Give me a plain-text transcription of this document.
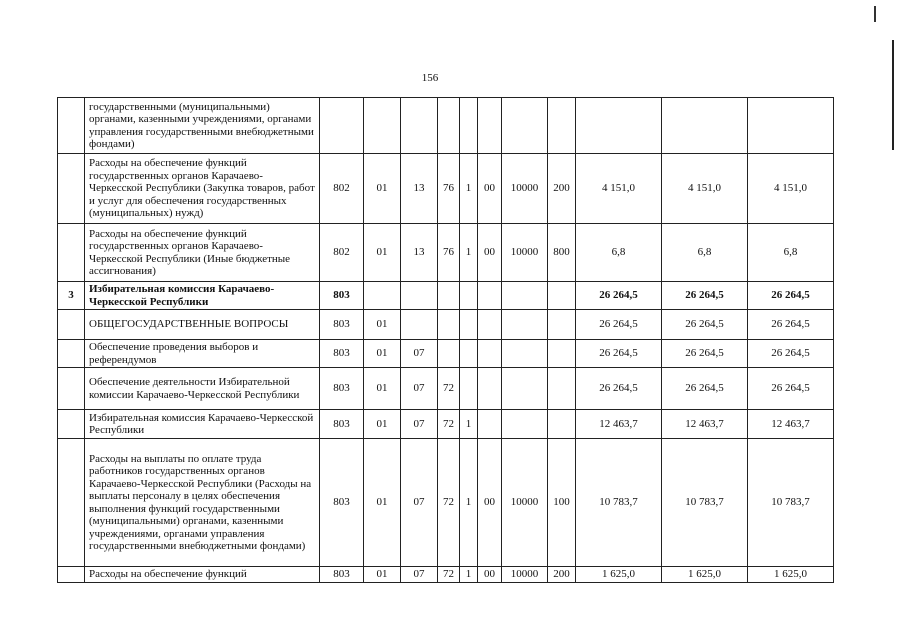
156
	государственными (муниципальными) органами, казенными учреждениями, органами управления государственными внебюджетными фондами)											
	Расходы на обеспечение функций государственных органов Карачаево-Черкесской Республики (Закупка товаров, работ и услуг для обеспечения государственных (муниципальных) нужд)	802	01	13	76	1	00	10000	200	4 151,0	4 151,0	4 151,0
	Расходы на обеспечение функций государственных органов Карачаево-Черкесской Республики (Иные бюджетные ассигнования)	802	01	13	76	1	00	10000	800	6,8	6,8	6,8
3	Избирательная комиссия Карачаево-Черкесской Республики	803								26 264,5	26 264,5	26 264,5
	ОБЩЕГОСУДАРСТВЕННЫЕ ВОПРОСЫ	803	01							26 264,5	26 264,5	26 264,5
	Обеспечение проведения выборов и референдумов	803	01	07						26 264,5	26 264,5	26 264,5
	Обеспечение деятельности Избирательной комиссии Карачаево-Черкесской Республики	803	01	07	72					26 264,5	26 264,5	26 264,5
	Избирательная комиссия Карачаево-Черкесской Республики	803	01	07	72	1				12 463,7	12 463,7	12 463,7
	Расходы на выплаты по оплате труда работников государственных органов Карачаево-Черкесской Республики (Расходы на выплаты персоналу в целях обеспечения выполнения функций государственными (муниципальными) органами, казенными учреждениями, органами управления государственными внебюджетными фондами)	803	01	07	72	1	00	10000	100	10 783,7	10 783,7	10 783,7
	Расходы на обеспечение функций	803	01	07	72	1	00	10000	200	1 625,0	1 625,0	1 625,0
